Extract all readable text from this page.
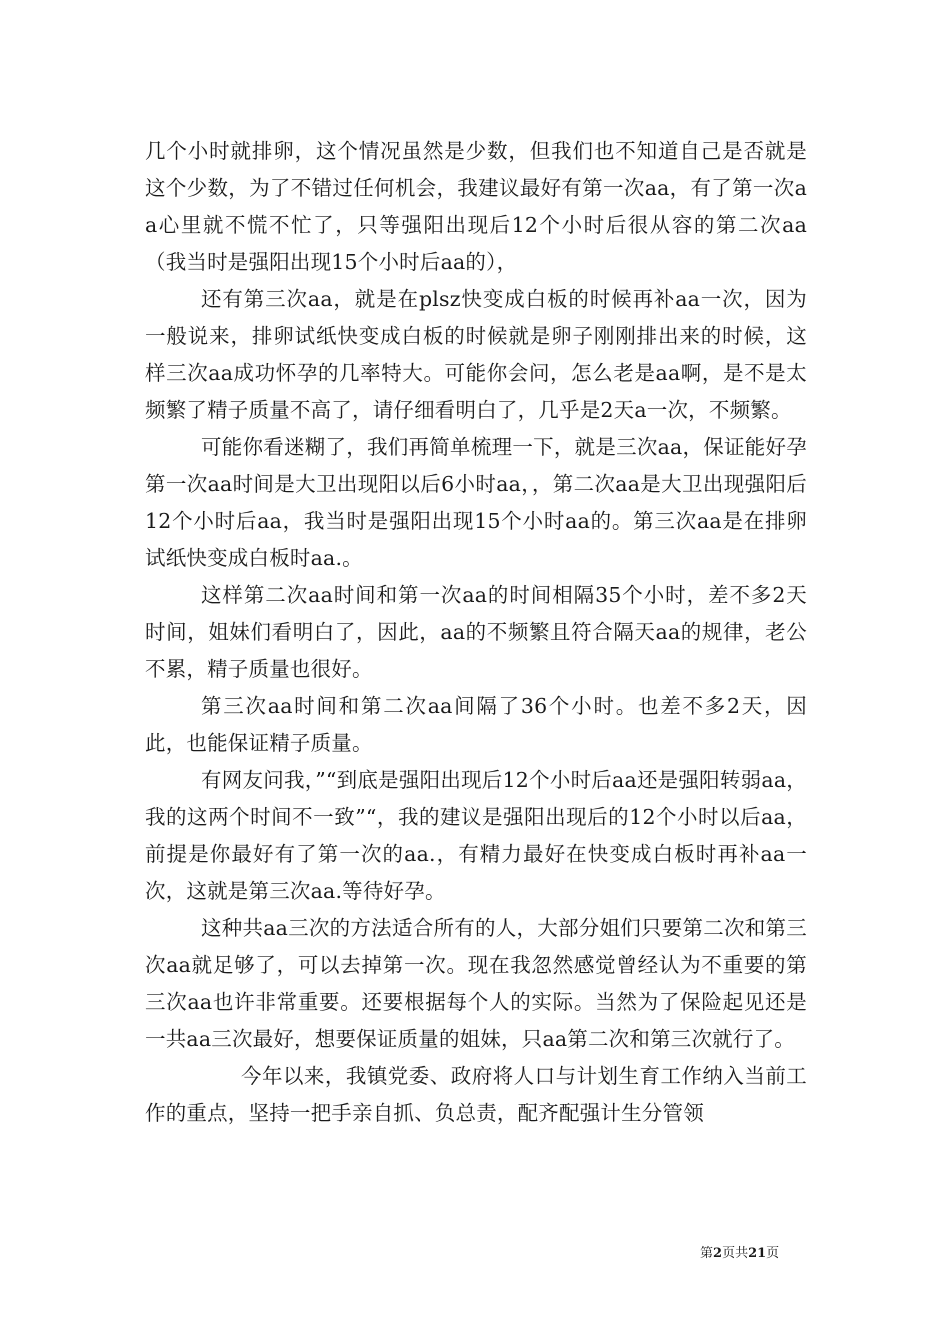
几个小时就排卵，这个情况虽然是少数，但我们也不知道自己是否就是这个少数，为了不错过任何机会，我建议最好有第一次aa，有了第一次aa心里就不慌不忙了，只等强阳出现后12个小时后很从容的第二次aa（我当时是强阳出现15个小时后aa的），

还有第三次aa，就是在plsz快变成白板的时候再补aa一次，因为一般说来，排卵试纸快变成白板的时候就是卵子刚刚排出来的时候，这样三次aa成功怀孕的几率特大。可能你会问，怎么老是aa啊，是不是太频繁了精子质量不高了，请仔细看明白了，几乎是2天a一次，不频繁。

可能你看迷糊了，我们再简单梳理一下，就是三次aa，保证能好孕第一次aa时间是大卫出现阳以后6小时aa，，第二次aa是大卫出现强阳后12个小时后aa，我当时是强阳出现15个小时aa的。第三次aa是在排卵试纸快变成白板时aa.。

这样第二次aa时间和第一次aa的时间相隔35个小时，差不多2天时间，姐妹们看明白了，因此，aa的不频繁且符合隔天aa的规律，老公不累，精子质量也很好。

第三次aa时间和第二次aa间隔了36个小时。也差不多2天，因此，也能保证精子质量。

有网友问我，”“到底是强阳出现后12个小时后aa还是强阳转弱aa，我的这两个时间不一致”“，我的建议是强阳出现后的12个小时以后aa，前提是你最好有了第一次的aa.，有精力最好在快变成白板时再补aa一次，这就是第三次aa.等待好孕。

这种共aa三次的方法适合所有的人，大部分姐们只要第二次和第三次aa就足够了，可以去掉第一次。现在我忽然感觉曾经认为不重要的第三次aa也许非常重要。还要根据每个人的实际。当然为了保险起见还是一共aa三次最好，想要保证质量的姐妹，只aa第二次和第三次就行了。

今年以来，我镇党委、政府将人口与计划生育工作纳入当前工作的重点，坚持一把手亲自抓、负总责，配齐配强计生分管领

第2页共21页
